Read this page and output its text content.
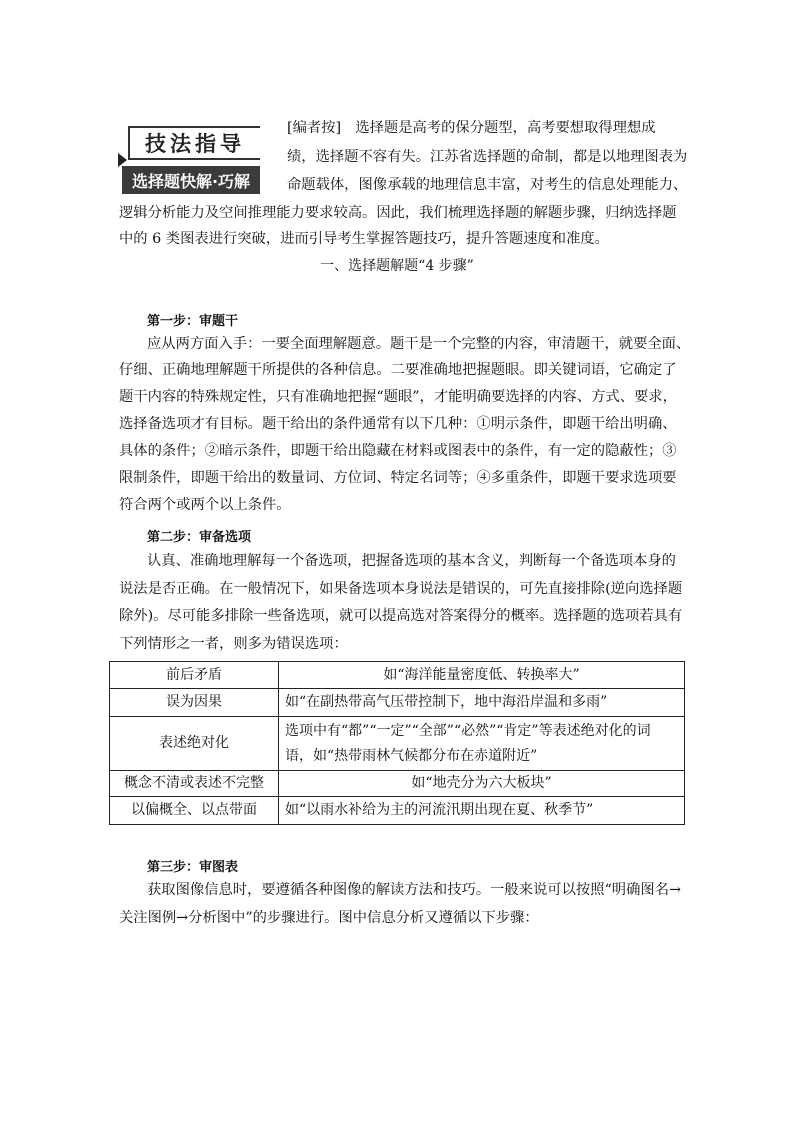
技法指导
选择题快解·巧解
[编者按]　选择题是高考的保分题型，高考要想取得理想成
绩，选择题不容有失。江苏省选择题的命制，都是以地理图表为
命题载体，图像承载的地理信息丰富，对考生的信息处理能力、
逻辑分析能力及空间推理能力要求较高。因此，我们梳理选择题的解题步骤，归纳选择题
中的 6 类图表进行突破，进而引导考生掌握答题技巧，提升答题速度和准度。
一、选择题解题“4 步骤”
第一步：审题干
应从两方面入手：一要全面理解题意。题干是一个完整的内容，审清题干，就要全面、
仔细、正确地理解题干所提供的各种信息。二要准确地把握题眼。即关键词语，它确定了
题干内容的特殊规定性，只有准确地把握“题眼”，才能明确要选择的内容、方式、要求，
选择备选项才有目标。题干给出的条件通常有以下几种：①明示条件，即题干给出明确、
具体的条件；②暗示条件，即题干给出隐藏在材料或图表中的条件，有一定的隐蔽性；③
限制条件，即题干给出的数量词、方位词、特定名词等；④多重条件，即题干要求选项要
符合两个或两个以上条件。
第二步：审备选项
认真、准确地理解每一个备选项，把握备选项的基本含义，判断每一个备选项本身的
说法是否正确。在一般情况下，如果备选项本身说法是错误的，可先直接排除(逆向选择题
除外)。尽可能多排除一些备选项，就可以提高选对答案得分的概率。选择题的选项若具有
下列情形之一者，则多为错误选项：
前后矛盾	如“海洋能量密度低、转换率大”
误为因果	如“在副热带高气压带控制下，地中海沿岸温和多雨”
表述绝对化	选项中有“都”“一定”“全部”“必然”“肯定”等表述绝对化的词语，如“热带雨林气候都分布在赤道附近”
概念不清或表述不完整	如“地壳分为六大板块”
以偏概全、以点带面	如“以雨水补给为主的河流汛期出现在夏、秋季节”
第三步：审图表
获取图像信息时，要遵循各种图像的解读方法和技巧。一般来说可以按照“明确图名→
关注图例→分析图中”的步骤进行。图中信息分析又遵循以下步骤：
